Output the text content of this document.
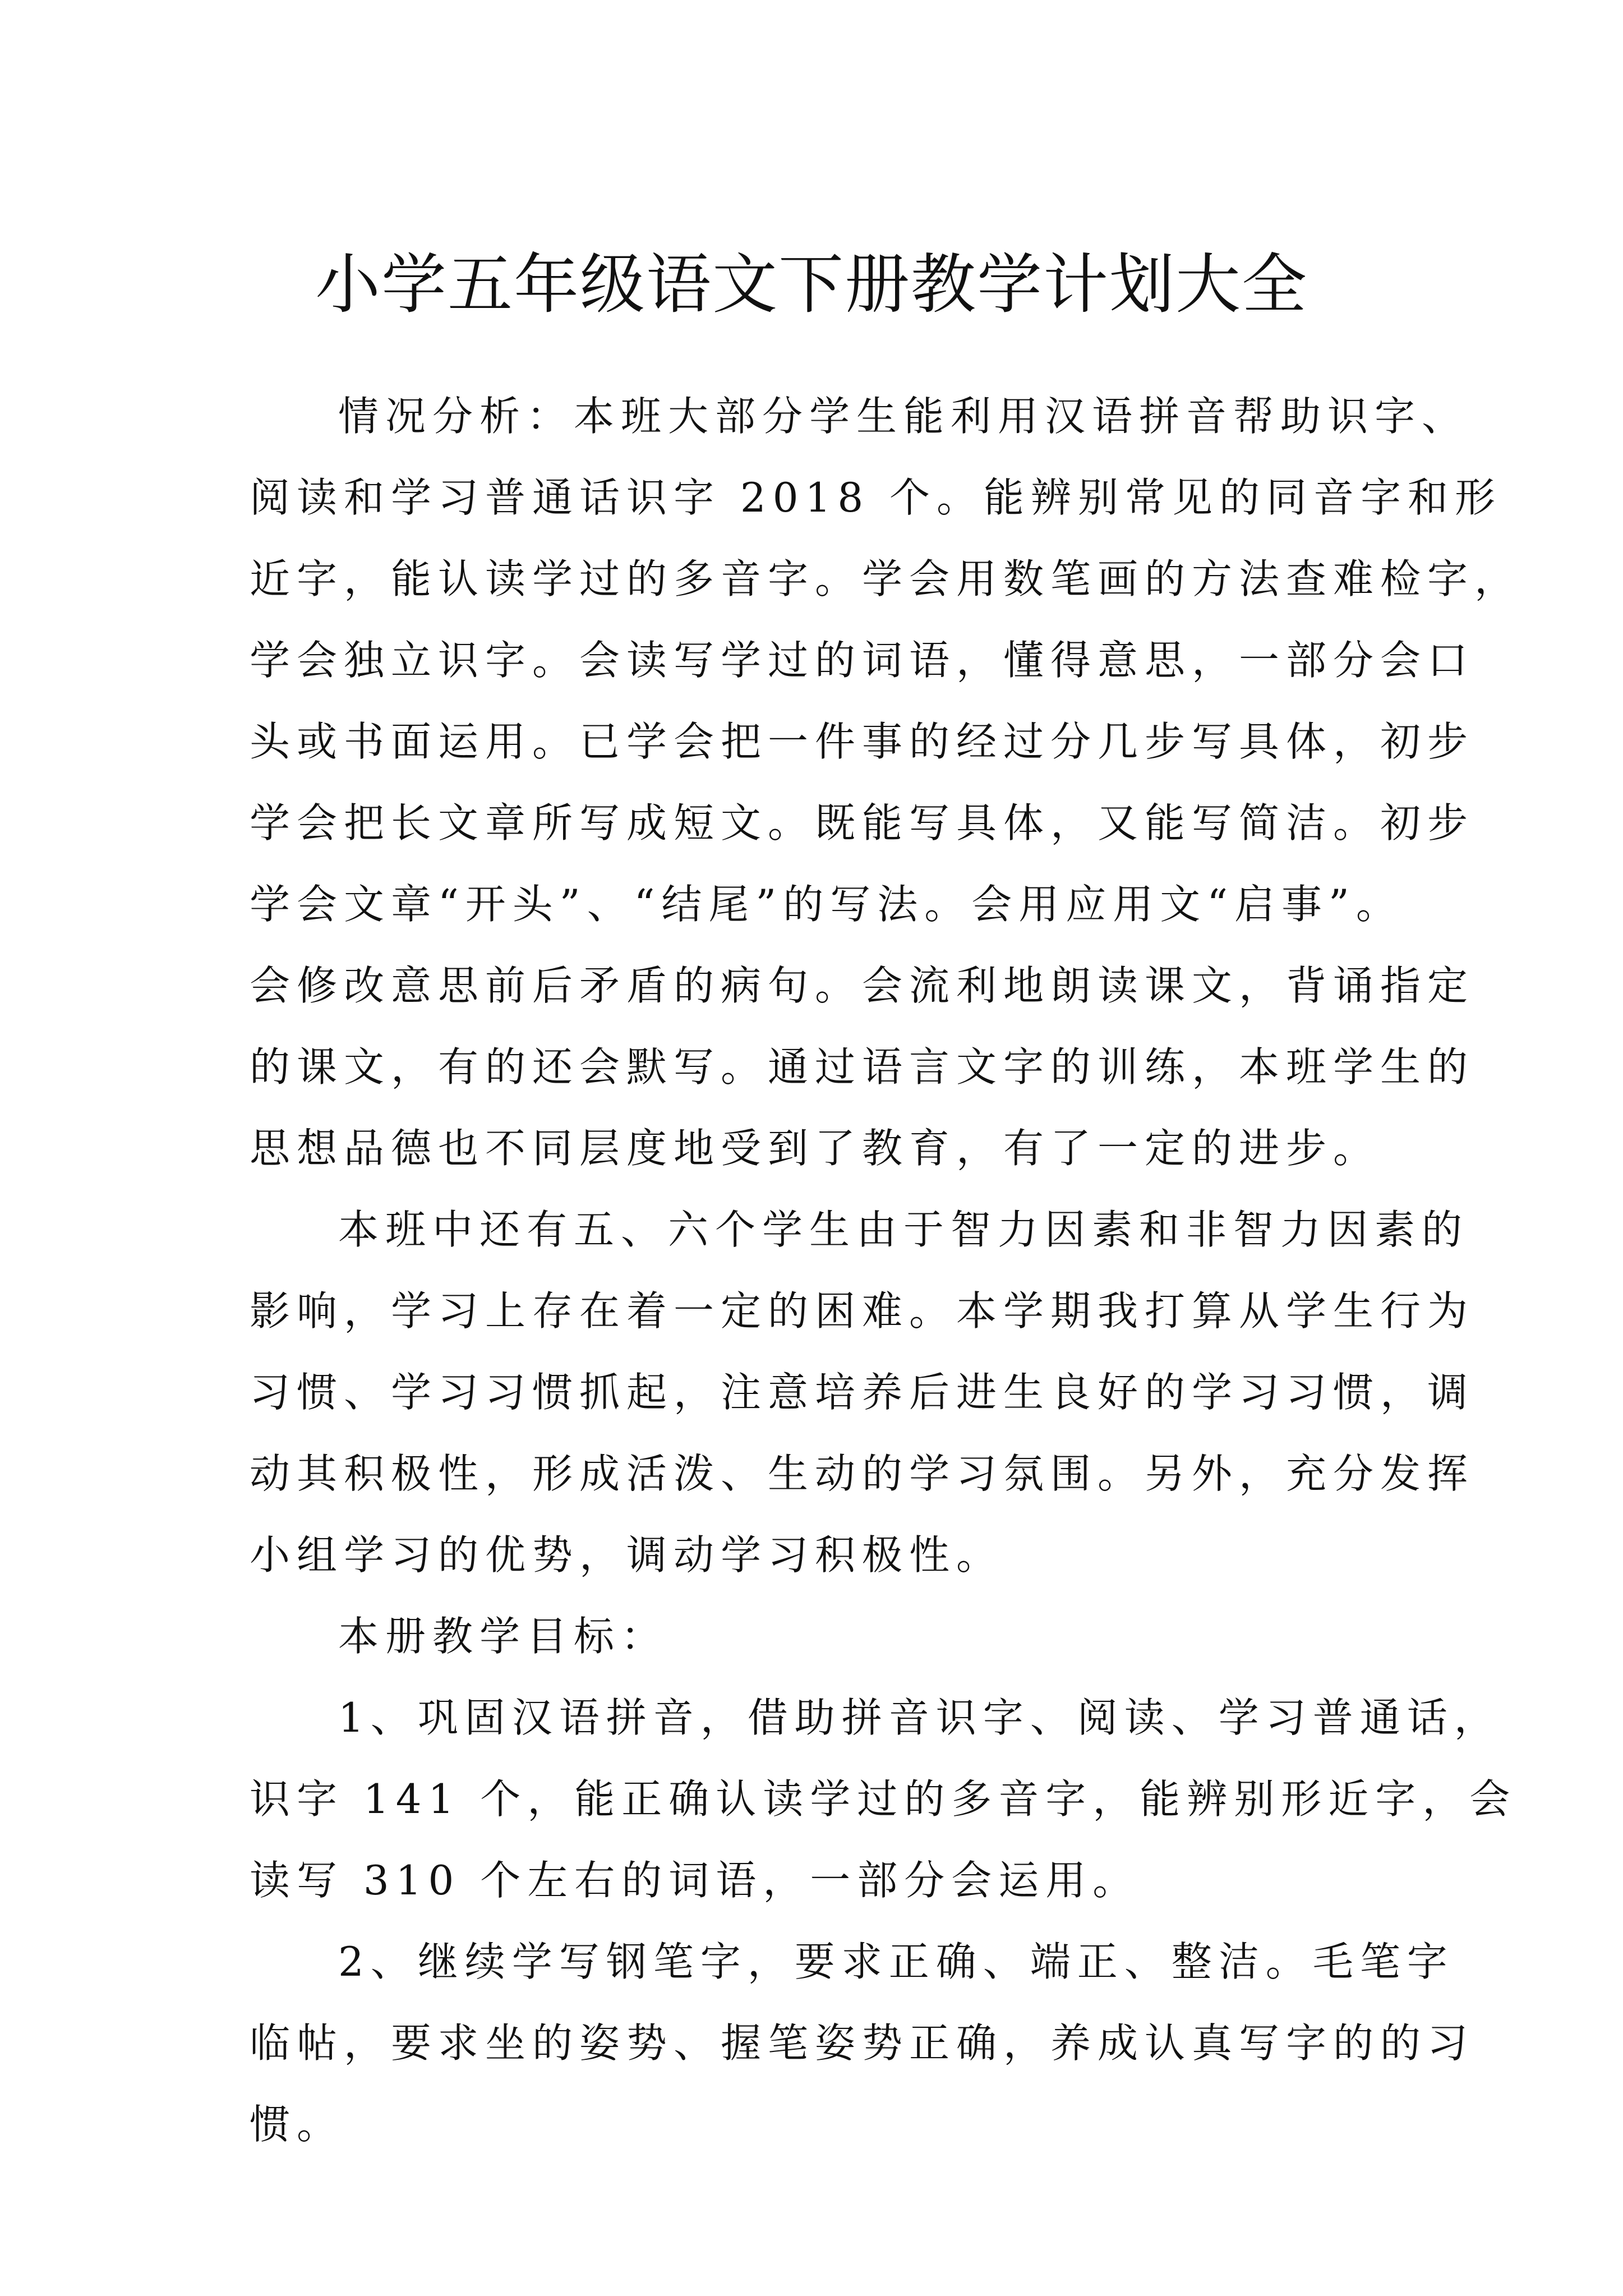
小学五年级语文下册教学计划大全
情况分析：本班大部分学生能利用汉语拼音帮助识字、
阅读和学习普通话识字 2018 个。能辨别常见的同音字和形
近字，能认读学过的多音字。学会用数笔画的方法查难检字，
学会独立识字。会读写学过的词语，懂得意思，一部分会口
头或书面运用。已学会把一件事的经过分几步写具体，初步
学会把长文章所写成短文。既能写具体，又能写简洁。初步
学会文章“开头”、“结尾”的写法。会用应用文“启事”。
会修改意思前后矛盾的病句。会流利地朗读课文，背诵指定
的课文，有的还会默写。通过语言文字的训练，本班学生的
思想品德也不同层度地受到了教育，有了一定的进步。
本班中还有五、六个学生由于智力因素和非智力因素的
影响，学习上存在着一定的困难。本学期我打算从学生行为
习惯、学习习惯抓起，注意培养后进生良好的学习习惯，调
动其积极性，形成活泼、生动的学习氛围。另外，充分发挥
小组学习的优势，调动学习积极性。
本册教学目标：
1、巩固汉语拼音，借助拼音识字、阅读、学习普通话，
识字 141 个，能正确认读学过的多音字，能辨别形近字，会
读写 310 个左右的词语，一部分会运用。
2、继续学写钢笔字，要求正确、端正、整洁。毛笔字
临帖，要求坐的姿势、握笔姿势正确，养成认真写字的的习
惯。
